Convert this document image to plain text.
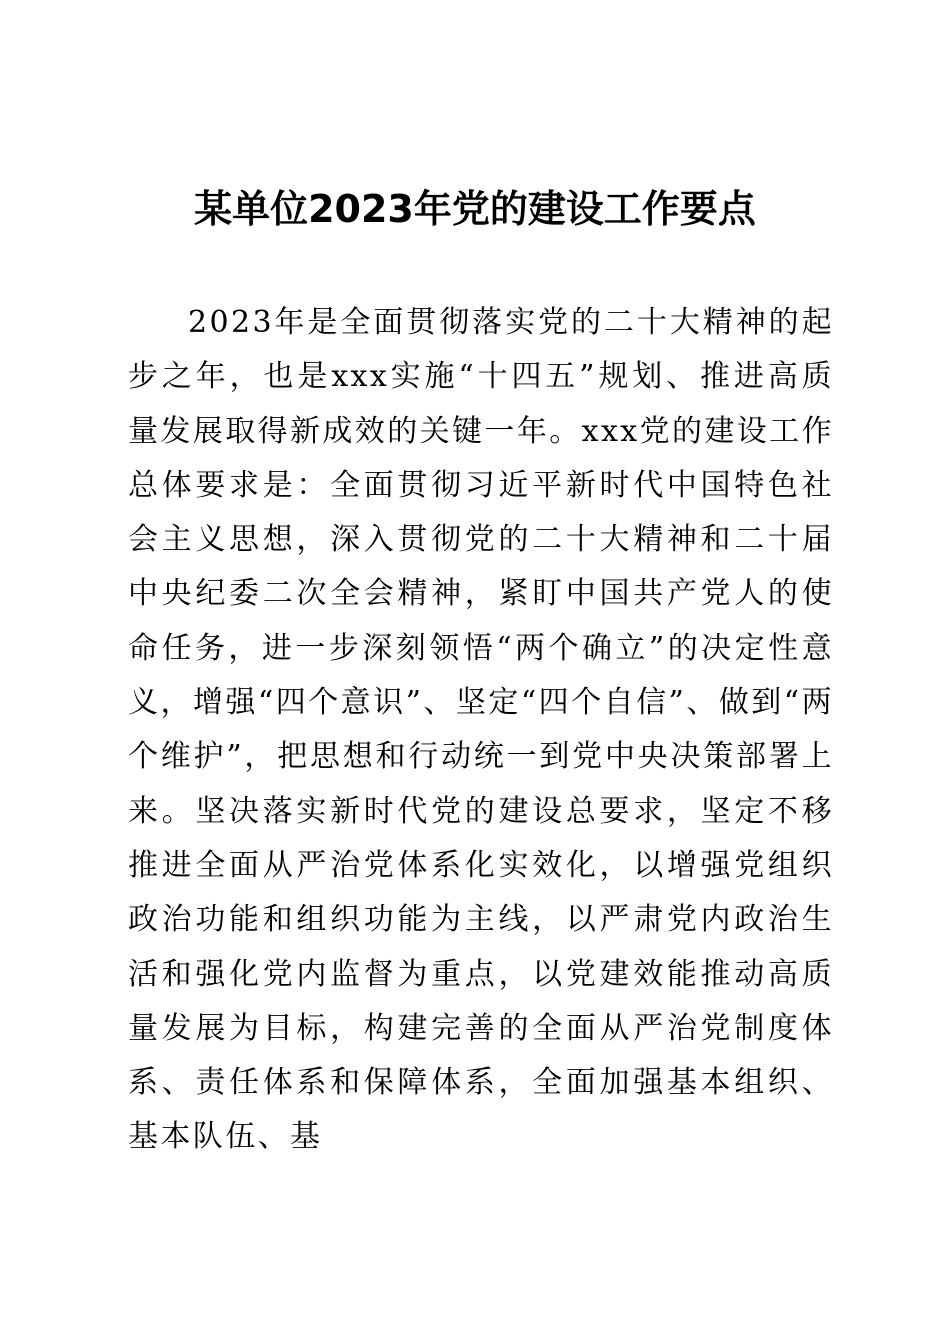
某单位2023年党的建设工作要点

2023年是全面贯彻落实党的二十大精神的起步之年，也是xxx实施“十四五”规划、推进高质量发展取得新成效的关键一年。xxx党的建设工作总体要求是：全面贯彻习近平新时代中国特色社会主义思想，深入贯彻党的二十大精神和二十届中央纪委二次全会精神，紧盯中国共产党人的使命任务，进一步深刻领悟“两个确立”的决定性意义，增强“四个意识”、坚定“四个自信”、做到“两个维护”，把思想和行动统一到党中央决策部署上来。坚决落实新时代党的建设总要求，坚定不移推进全面从严治党体系化实效化，以增强党组织政治功能和组织功能为主线，以严肃党内政治生活和强化党内监督为重点，以党建效能推动高质量发展为目标，构建完善的全面从严治党制度体系、责任体系和保障体系，全面加强基本组织、基本队伍、基
